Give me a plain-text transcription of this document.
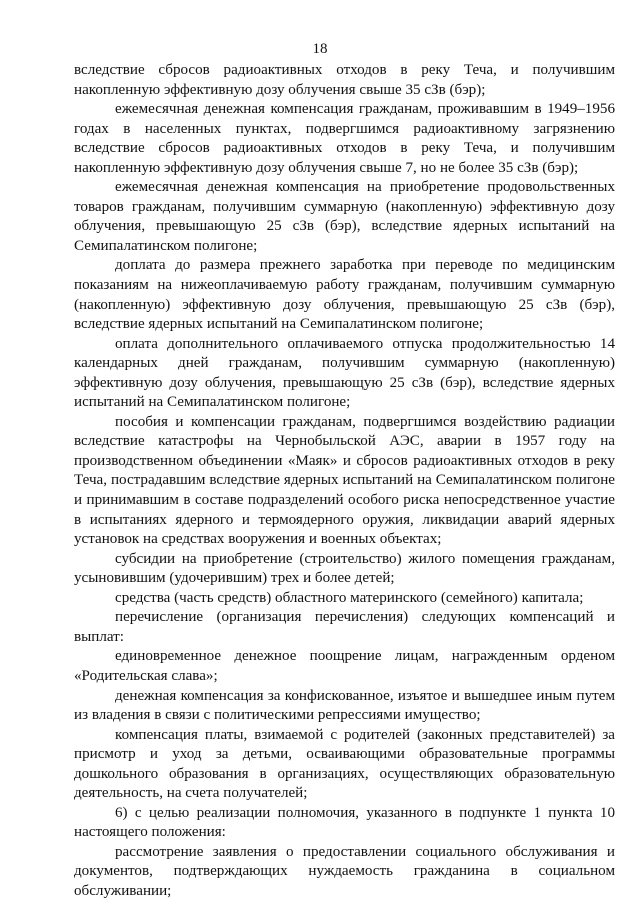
18

вследствие сбросов радиоактивных отходов в реку Теча, и получившим накопленную эффективную дозу облучения свыше 35 сЗв (бэр);

ежемесячная денежная компенсация гражданам, проживавшим в 1949–1956 годах в населенных пунктах, подвергшимся радиоактивному загрязнению вследствие сбросов радиоактивных отходов в реку Теча, и получившим накопленную эффективную дозу облучения свыше 7, но не более 35 сЗв (бэр);

ежемесячная денежная компенсация на приобретение продовольственных товаров гражданам, получившим суммарную (накопленную) эффективную дозу облучения, превышающую 25 сЗв (бэр), вследствие ядерных испытаний на Семипалатинском полигоне;

доплата до размера прежнего заработка при переводе по медицинским показаниям на нижеоплачиваемую работу гражданам, получившим суммарную (накопленную) эффективную дозу облучения, превышающую 25 сЗв (бэр), вследствие ядерных испытаний на Семипалатинском полигоне;

оплата дополнительного оплачиваемого отпуска продолжительностью 14 календарных дней гражданам, получившим суммарную (накопленную) эффективную дозу облучения, превышающую 25 сЗв (бэр), вследствие ядерных испытаний на Семипалатинском полигоне;

пособия и компенсации гражданам, подвергшимся воздействию радиации вследствие катастрофы на Чернобыльской АЭС, аварии в 1957 году на производственном объединении «Маяк» и сбросов радиоактивных отходов в реку Теча, пострадавшим вследствие ядерных испытаний на Семипалатинском полигоне и принимавшим в составе подразделений особого риска непосредственное участие в испытаниях ядерного и термоядерного оружия, ликвидации аварий ядерных установок на средствах вооружения и военных объектах;

субсидии на приобретение (строительство) жилого помещения гражданам, усыновившим (удочерившим) трех и более детей;

средства (часть средств) областного материнского (семейного) капитала;

перечисление (организация перечисления) следующих компенсаций и выплат:

единовременное денежное поощрение лицам, награжденным орденом «Родительская слава»;

денежная компенсация за конфискованное, изъятое и вышедшее иным путем из владения в связи с политическими репрессиями имущество;

компенсация платы, взимаемой с родителей (законных представителей) за присмотр и уход за детьми, осваивающими образовательные программы дошкольного образования в организациях, осуществляющих образовательную деятельность, на счета получателей;

6) с целью реализации полномочия, указанного в подпункте 1 пункта 10 настоящего положения:

рассмотрение заявления о предоставлении социального обслуживания и документов, подтверждающих нуждаемость гражданина в социальном обслуживании;
